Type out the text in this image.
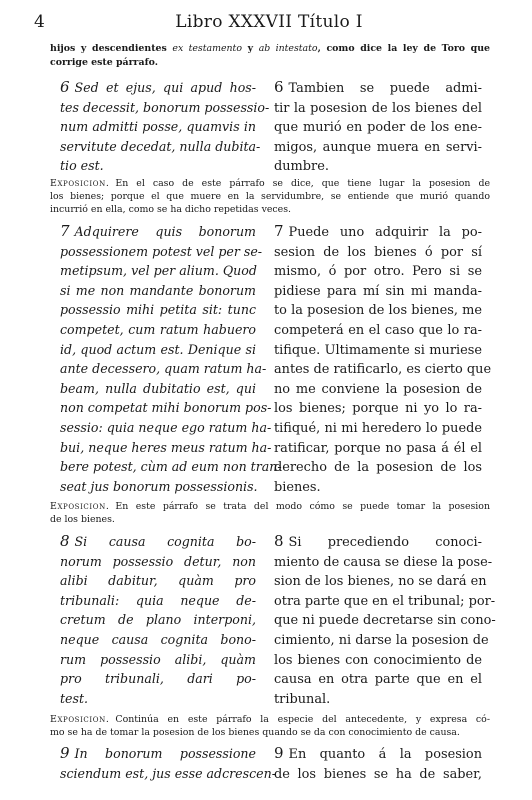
4	Libro XXXVII Título I
hijos y descendientes ex testamento y ab intestato, como dice la ley de Toro que corrige este párrafo.
6 Sed et ejus, qui apud hos-
tes decessit, bonorum possessio-
num admitti posse, quamvis in
servitute decedat, nulla dubita-
tio est.
6 Tambien se puede admi-
tir la posesion de los bienes del
que murió en poder de los ene-
migos, aunque muera en servi-
dumbre.
Exposicion. En el caso de este párrafo se dice, que tiene lugar la posesion de
los bienes; porque el que muere en la servidumbre, se entiende que murió quando
incurrió en ella, como se ha dicho repetidas veces.
7 Adquirere quis bonorum
possessionem potest vel per se-
metipsum, vel per alium. Quod
si me non mandante bonorum
possessio mihi petita sit: tunc
competet, cum ratum habuero
id, quod actum est. Denique si
ante decessero, quam ratum ha-
beam, nulla dubitatio est, qui
non competat mihi bonorum pos-
sessio: quia neque ego ratum ha-
bui, neque heres meus ratum ha-
bere potest, cùm ad eum non tran-
seat jus bonorum possessionis.
7 Puede uno adquirir la po-
sesion de los bienes ó por sí
mismo, ó por otro. Pero si se
pidiese para mí sin mi manda-
to la posesion de los bienes, me
competerá en el caso que lo ra-
tifique. Ultimamente si muriese
antes de ratificarlo, es cierto que
no me conviene la posesion de
los bienes; porque ni yo lo ra-
tifiqué, ni mi heredero lo puede
ratificar, porque no pasa á él el
derecho de la posesion de los
bienes.
Exposicion. En este párrafo se trata del modo cómo se puede tomar la posesion
de los bienes.
8 Si causa cognita bo-
norum possessio detur, non
alibi dabitur, quàm pro
tribunali: quia neque de-
cretum de plano interponi,
neque causa cognita bono-
rum possessio alibi, quàm
pro tribunali, dari po-
test.
8 Si precediendo conoci-
miento de causa se diese la pose-
sion de los bienes, no se dará en
otra parte que en el tribunal; por-
que ni puede decretarse sin cono-
cimiento, ni darse la posesion de
los bienes con conocimiento de
causa en otra parte que en el
tribunal.
Exposicion. Continúa en este párrafo la especie del antecedente, y expresa có-
mo se ha de tomar la posesion de los bienes quando se da con conocimiento de causa.
9 In bonorum possessione
sciendum est, jus esse adcrescen-
9 En quanto á la posesion
de los bienes se ha de saber,
